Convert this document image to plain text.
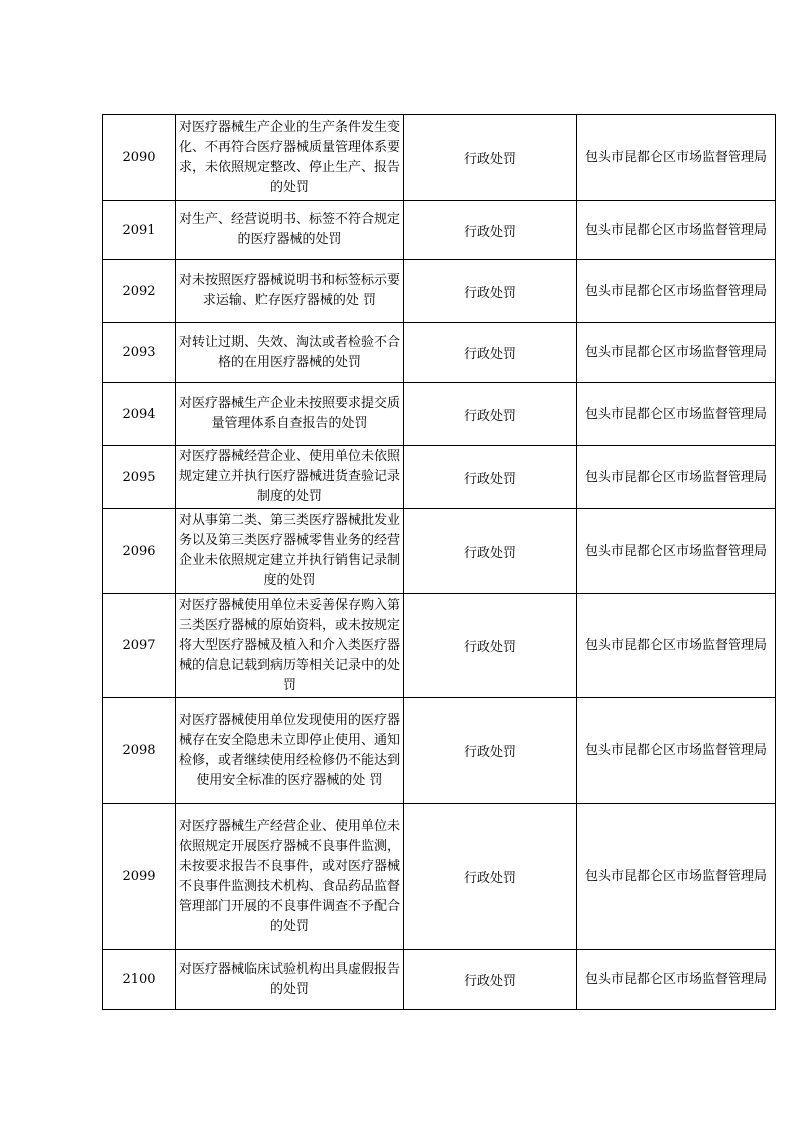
2090	对医疗器械生产企业的生产条件发生变化、不再符合医疗器械质量管理体系要求，未依照规定整改、停止生产、报告的处罚	行政处罚	包头市昆都仑区市场监督管理局
2091	对生产、经营说明书、标签不符合规定的医疗器械的处罚	行政处罚	包头市昆都仑区市场监督管理局
2092	对未按照医疗器械说明书和标签标示要求运输、贮存医疗器械的处 罚	行政处罚	包头市昆都仑区市场监督管理局
2093	对转让过期、失效、淘汰或者检验不合格的在用医疗器械的处罚	行政处罚	包头市昆都仑区市场监督管理局
2094	对医疗器械生产企业未按照要求提交质量管理体系自查报告的处罚	行政处罚	包头市昆都仑区市场监督管理局
2095	对医疗器械经营企业、使用单位未依照规定建立并执行医疗器械进货查验记录制度的处罚	行政处罚	包头市昆都仑区市场监督管理局
2096	对从事第二类、第三类医疗器械批发业务以及第三类医疗器械零售业务的经营企业未依照规定建立并执行销售记录制度的处罚	行政处罚	包头市昆都仑区市场监督管理局
2097	对医疗器械使用单位未妥善保存购入第三类医疗器械的原始资料，或未按规定将大型医疗器械及植入和介入类医疗器械的信息记载到病历等相关记录中的处罚	行政处罚	包头市昆都仑区市场监督管理局
2098	对医疗器械使用单位发现使用的医疗器械存在安全隐患未立即停止使用、通知检修，或者继续使用经检修仍不能达到使用安全标准的医疗器械的处 罚	行政处罚	包头市昆都仑区市场监督管理局
2099	对医疗器械生产经营企业、使用单位未依照规定开展医疗器械不良事件监测，未按要求报告不良事件，或对医疗器械不良事件监测技术机构、食品药品监督管理部门开展的不良事件调查不予配合的处罚	行政处罚	包头市昆都仑区市场监督管理局
2100	对医疗器械临床试验机构出具虚假报告的处罚	行政处罚	包头市昆都仑区市场监督管理局
